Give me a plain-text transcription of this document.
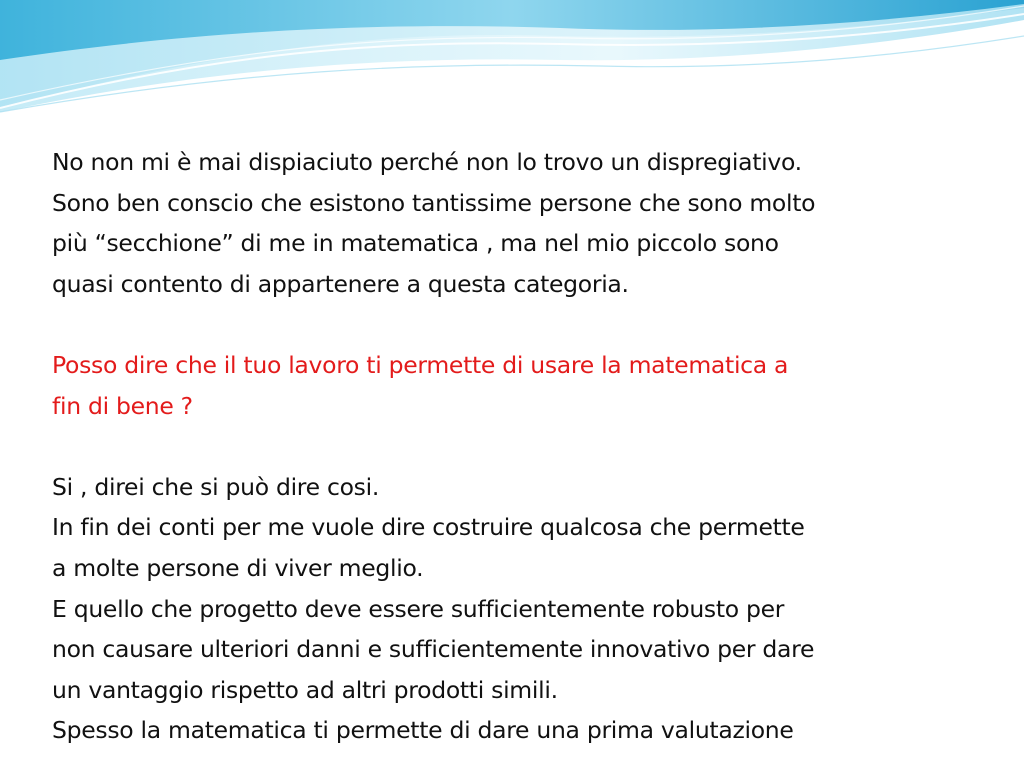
No non mi è mai dispiaciuto perché non lo trovo un dispregiativo.
Sono ben conscio che esistono tantissime persone che sono molto
più “secchione” di me in matematica , ma nel mio piccolo sono
quasi contento di appartenere a questa categoria.

Posso dire che il tuo lavoro ti permette di usare la matematica a
fin di bene ?

Si , direi che si può dire cosi.
In fin dei conti per me vuole dire costruire qualcosa che permette
a molte persone di viver meglio.
E quello che progetto deve essere sufficientemente robusto per
non causare ulteriori danni e sufficientemente innovativo per dare
un vantaggio rispetto ad altri prodotti simili.
Spesso la matematica ti permette di dare una prima valutazione
